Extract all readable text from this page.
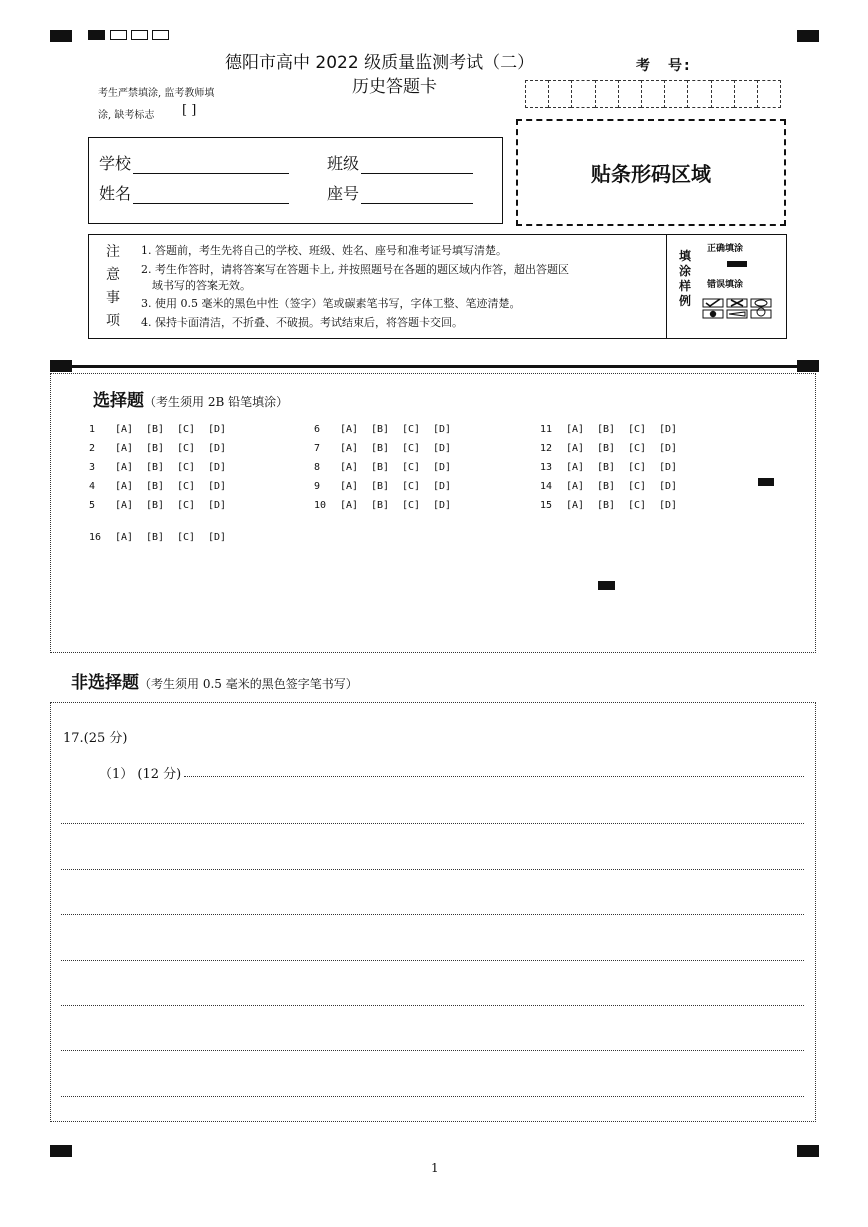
德阳市高中 2022 级质量监测考试（二）
历史答题卡
考　号:
考生严禁填涂, 监考教师填
涂, 缺考标志 [ ]
学校	班级
姓名	座号
贴条形码区域
注
意
事
项
1. 答题前，考生先将自己的学校、班级、姓名、座号和准考证号填写清楚。
2. 考生作答时，请将答案写在答题卡上, 并按照题号在各题的题区域内作答，超出答题区
　域书写的答案无效。
3. 使用 0.5 毫米的黑色中性（签字）笔或碳素笔书写，字体工整、笔迹清楚。
4. 保持卡面清洁，不折叠、不破损。考试结束后，将答题卡交回。
填
涂
样
例
正确填涂
错误填涂
选择题（考生须用 2B 铅笔填涂）
1	[A]	[B]	[C]	[D]
2	[A]	[B]	[C]	[D]
3	[A]	[B]	[C]	[D]
4	[A]	[B]	[C]	[D]
5	[A]	[B]	[C]	[D]
6	[A]	[B]	[C]	[D]
7	[A]	[B]	[C]	[D]
8	[A]	[B]	[C]	[D]
9	[A]	[B]	[C]	[D]
10	[A]	[B]	[C]	[D]
11	[A]	[B]	[C]	[D]
12	[A]	[B]	[C]	[D]
13	[A]	[B]	[C]	[D]
14	[A]	[B]	[C]	[D]
15	[A]	[B]	[C]	[D]
16	[A]	[B]	[C]	[D]
非选择题（考生须用 0.5 毫米的黑色签字笔书写）
17.(25 分)
（1） (12 分)
1
